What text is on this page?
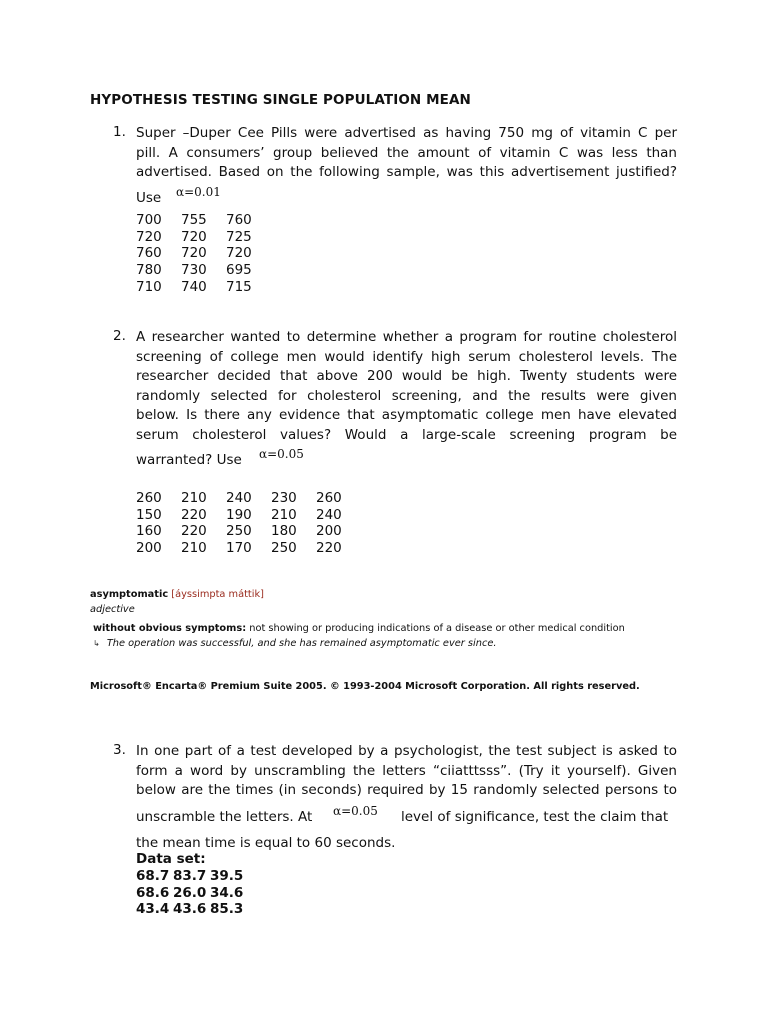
HYPOTHESIS TESTING SINGLE POPULATION MEAN
1. Super –Duper Cee Pills were advertised as having 750 mg of vitamin C per
pill. A consumers’ group believed the amount of vitamin C was less than
advertised. Based on the following sample, was this advertisement justified?
Use α=0.01
700	755	760
720	720	725
760	720	720
780	730	695
710	740	715
2. A researcher wanted to determine whether a program for routine cholesterol
screening of college men would identify high serum cholesterol levels. The
researcher decided that above 200 would be high. Twenty students were
randomly selected for cholesterol screening, and the results were given
below. Is there any evidence that asymptomatic college men have elevated
serum cholesterol values? Would a large-scale screening program be
warranted? Use α=0.05
260	210	240	230	260
150	220	190	210	240
160	220	250	180	200
200	210	170	250	220
asymptomatic [áyssimpta máttik]
adjective
without obvious symptoms: not showing or producing indications of a disease or other medical condition
↳ The operation was successful, and she has remained asymptomatic ever since.
Microsoft® Encarta® Premium Suite 2005. © 1993-2004 Microsoft Corporation. All rights reserved.
3. In one part of a test developed by a psychologist, the test subject is asked to
form a word by unscrambling the letters “ciiatttsss”. (Try it yourself). Given
below are the times (in seconds) required by 15 randomly selected persons to
unscramble the letters. At α=0.05 level of significance, test the claim that
the mean time is equal to 60 seconds.
Data set:
68.7	83.7	39.5
68.6	26.0	34.6
43.4	43.6	85.3
